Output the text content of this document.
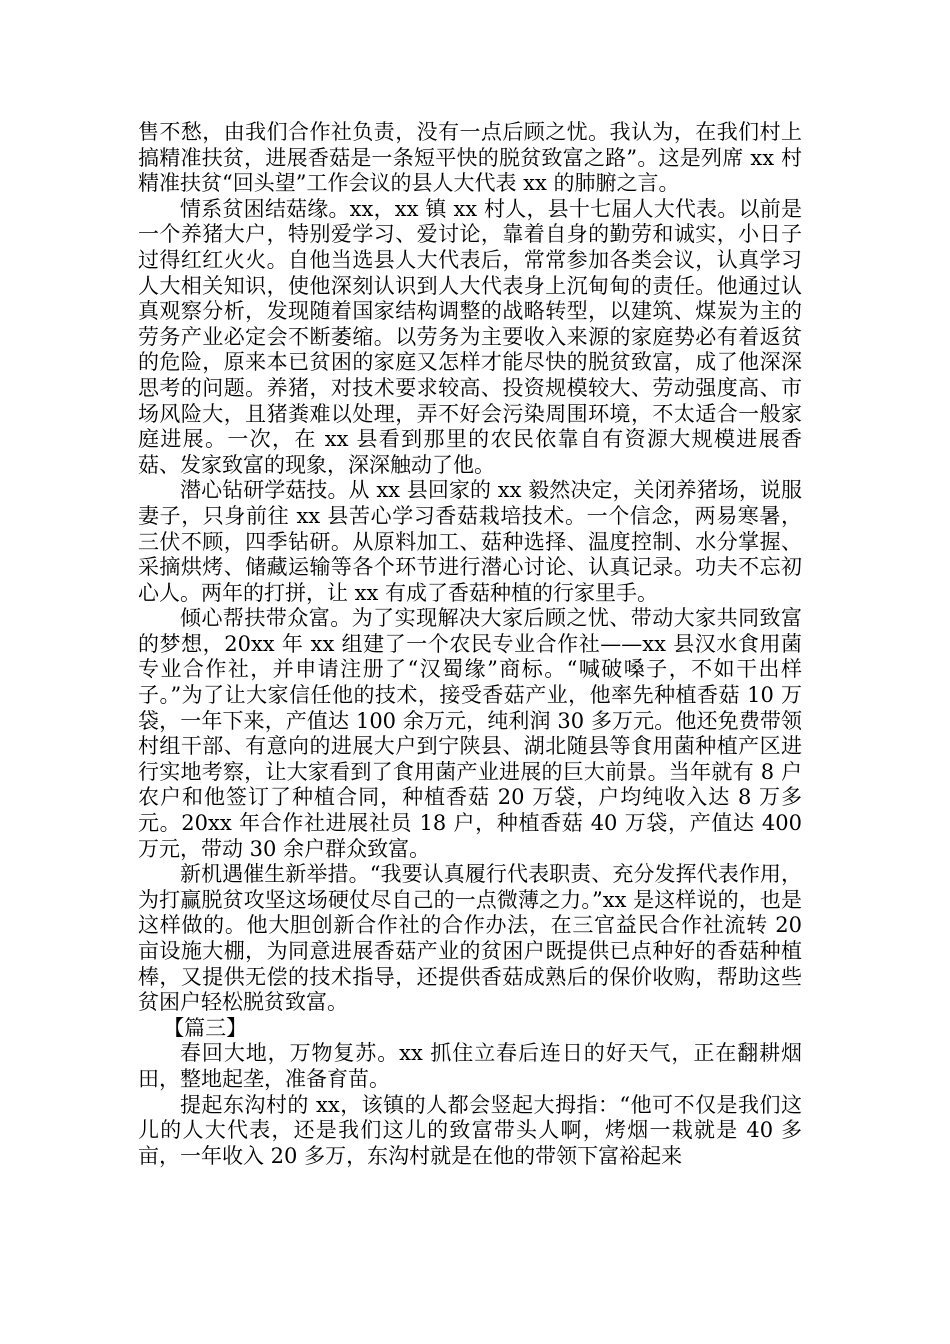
售不愁，由我们合作社负责，没有一点后顾之忧。我认为，在我们村上搞精准扶贫，进展香菇是一条短平快的脱贫致富之路”。这是列席 xx 村精准扶贫“回头望”工作会议的县人大代表 xx 的肺腑之言。

情系贫困结菇缘。xx，xx 镇 xx 村人，县十七届人大代表。以前是一个养猪大户，特别爱学习、爱讨论，靠着自身的勤劳和诚实，小日子过得红红火火。自他当选县人大代表后，常常参加各类会议，认真学习人大相关知识，使他深刻认识到人大代表身上沉甸甸的责任。他通过认真观察分析，发现随着国家结构调整的战略转型，以建筑、煤炭为主的劳务产业必定会不断萎缩。以劳务为主要收入来源的家庭势必有着返贫的危险，原来本已贫困的家庭又怎样才能尽快的脱贫致富，成了他深深思考的问题。养猪，对技术要求较高、投资规模较大、劳动强度高、市场风险大，且猪粪难以处理，弄不好会污染周围环境，不太适合一般家庭进展。一次，在 xx 县看到那里的农民依靠自有资源大规模进展香菇、发家致富的现象，深深触动了他。

潜心钻研学菇技。从 xx 县回家的 xx 毅然决定，关闭养猪场，说服妻子，只身前往 xx 县苦心学习香菇栽培技术。一个信念，两易寒暑，三伏不顾，四季钻研。从原料加工、菇种选择、温度控制、水分掌握、采摘烘烤、储藏运输等各个环节进行潜心讨论、认真记录。功夫不忘初心人。两年的打拼，让 xx 有成了香菇种植的行家里手。

倾心帮扶带众富。为了实现解决大家后顾之忧、带动大家共同致富的梦想，20xx 年 xx 组建了一个农民专业合作社——xx 县汉水食用菌专业合作社，并申请注册了“汉蜀缘”商标。“喊破嗓子，不如干出样子。”为了让大家信任他的技术，接受香菇产业，他率先种植香菇 10 万袋，一年下来，产值达 100 余万元，纯利润 30 多万元。他还免费带领村组干部、有意向的进展大户到宁陕县、湖北随县等食用菌种植产区进行实地考察，让大家看到了食用菌产业进展的巨大前景。当年就有 8 户农户和他签订了种植合同，种植香菇 20 万袋，户均纯收入达 8 万多元。20xx 年合作社进展社员 18 户，种植香菇 40 万袋，产值达 400 万元，带动 30 余户群众致富。

新机遇催生新举措。“我要认真履行代表职责、充分发挥代表作用，为打赢脱贫攻坚这场硬仗尽自己的一点微薄之力。”xx 是这样说的，也是这样做的。他大胆创新合作社的合作办法，在三官益民合作社流转 20 亩设施大棚，为同意进展香菇产业的贫困户既提供已点种好的香菇种植棒，又提供无偿的技术指导，还提供香菇成熟后的保价收购，帮助这些贫困户轻松脱贫致富。

【篇三】

春回大地，万物复苏。xx 抓住立春后连日的好天气，正在翻耕烟田，整地起垄，准备育苗。

提起东沟村的 xx，该镇的人都会竖起大拇指：“他可不仅是我们这儿的人大代表，还是我们这儿的致富带头人啊，烤烟一栽就是 40 多亩，一年收入 20 多万，东沟村就是在他的带领下富裕起来
